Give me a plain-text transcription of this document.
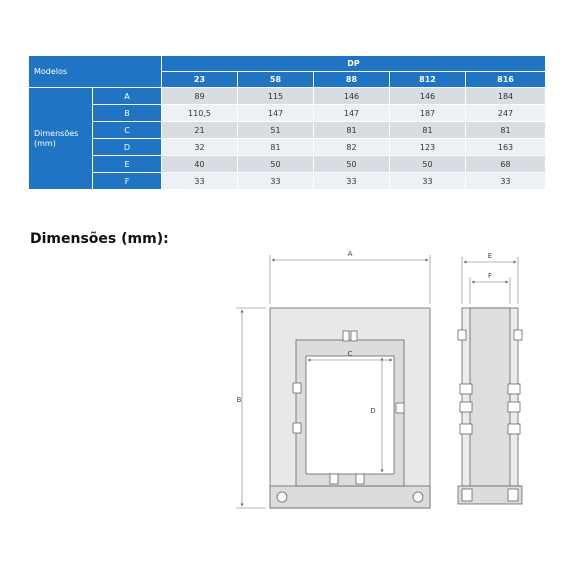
Modelos		DP				
		23	58	88	812	816
Dimensões (mm)	A	89	115	146	146	184
	B	110,5	147	147	187	247
	C	21	51	81	81	81
	D	32	81	82	123	163
	E	40	50	50	50	68
	F	33	33	33	33	33
Dimensões (mm):
A
B
C
D
E
F
